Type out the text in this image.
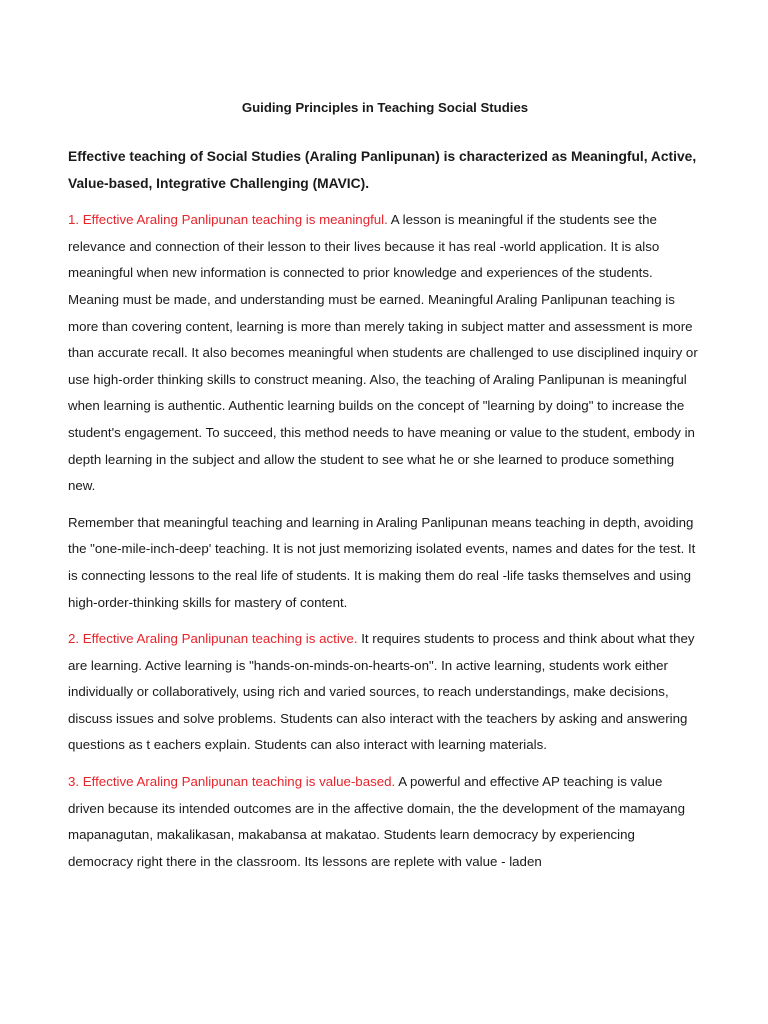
Guiding Principles in Teaching Social Studies

Effective teaching of Social Studies (Araling Panlipunan) is characterized as Meaningful, Active, Value-based, Integrative Challenging (MAVIC).

1. Effective Araling Panlipunan teaching is meaningful. A lesson is meaningful if the students see the relevance and connection of their lesson to their lives because it has real -world application. It is also meaningful when new information is connected to prior knowledge and experiences of the students. Meaning must be made, and understanding must be earned. Meaningful Araling Panlipunan teaching is more than covering content, learning is more than merely taking in subject matter and assessment is more than accurate recall. It also becomes meaningful when students are challenged to use disciplined inquiry or use high-order thinking skills to construct meaning. Also, the teaching of Araling Panlipunan is meaningful when learning is authentic. Authentic learning builds on the concept of "learning by doing" to increase the student's engagement. To succeed, this method needs to have meaning or value to the student, embody in depth learning in the subject and allow the student to see what he or she learned to produce something new.

Remember that meaningful teaching and learning in Araling Panlipunan means teaching in depth, avoiding the "one-mile-inch-deep' teaching. It is not just memorizing isolated events, names and dates for the test. It is connecting lessons to the real life of students. It is making them do real -life tasks themselves and using high-order-thinking skills for mastery of content.

2. Effective Araling Panlipunan teaching is active. It requires students to process and think about what they are learning. Active learning is "hands-on-minds-on-hearts-on". In active learning, students work either individually or collaboratively, using rich and varied sources, to reach understandings, make decisions, discuss issues and solve problems. Students can also interact with the teachers by asking and answering questions as t eachers explain. Students can also interact with learning materials.

3. Effective Araling Panlipunan teaching is value-based. A powerful and effective AP teaching is value driven because its intended outcomes are in the affective domain, the the development of the mamayang mapanagutan, makalikasan, makabansa at makatao. Students learn democracy by experiencing democracy right there in the classroom. Its lessons are replete with value - laden
